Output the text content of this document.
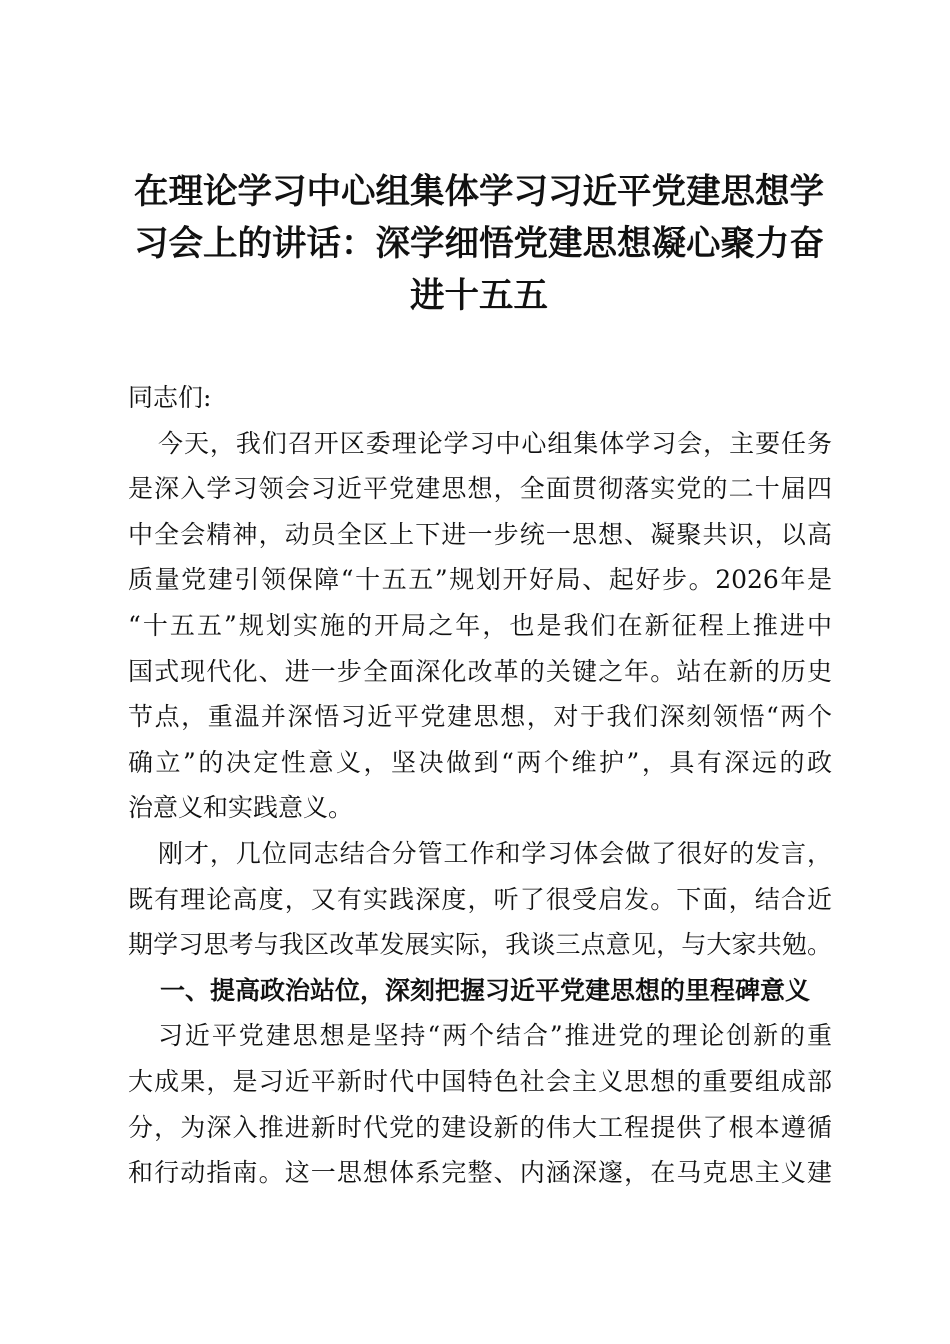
在理论学习中心组集体学习习近平党建思想学
习会上的讲话：深学细悟党建思想凝心聚力奋
进十五五
同志们:
今天，我们召开区委理论学习中心组集体学习会，主要任务
是深入学习领会习近平党建思想，全面贯彻落实党的二十届四
中全会精神，动员全区上下进一步统一思想、凝聚共识，以高
质量党建引领保障“十五五”规划开好局、起好步。2026年是
“十五五”规划实施的开局之年，也是我们在新征程上推进中
国式现代化、进一步全面深化改革的关键之年。站在新的历史
节点，重温并深悟习近平党建思想，对于我们深刻领悟“两个
确立”的决定性意义，坚决做到“两个维护”，具有深远的政
治意义和实践意义。
刚才，几位同志结合分管工作和学习体会做了很好的发言，
既有理论高度，又有实践深度，听了很受启发。下面，结合近
期学习思考与我区改革发展实际，我谈三点意见，与大家共勉。
一、提高政治站位，深刻把握习近平党建思想的里程碑意义
习近平党建思想是坚持“两个结合”推进党的理论创新的重
大成果，是习近平新时代中国特色社会主义思想的重要组成部
分，为深入推进新时代党的建设新的伟大工程提供了根本遵循
和行动指南。这一思想体系完整、内涵深邃，在马克思主义建
